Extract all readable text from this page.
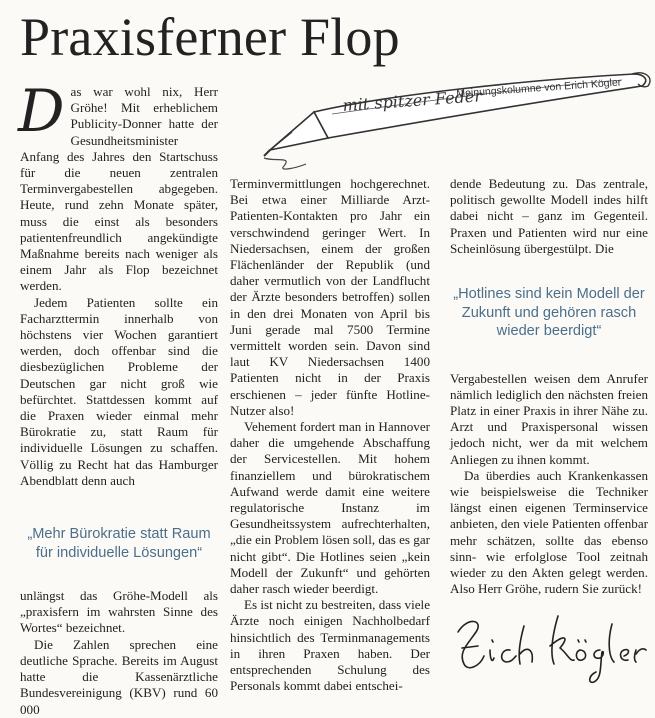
Praxisferner Flop
mit spitzer Feder
Meinungskolumne von Erich Kögler

Das war wohl nix, Herr Gröhe! Mit erheblichem Publicity-Donner hatte der Gesundheitsminister Anfang des Jahres den Startschuss für die neuen zentralen Terminvergabestellen abgegeben. Heute, rund zehn Monate später, muss die einst als besonders patientenfreundlich angekündigte Maßnahme bereits nach weniger als einem Jahr als Flop bezeichnet werden.

Jedem Patienten sollte ein Facharzttermin innerhalb von höchstens vier Wochen garantiert werden, doch offenbar sind die diesbezüglichen Probleme der Deutschen gar nicht groß wie befürchtet. Stattdessen kommt auf die Praxen wieder einmal mehr Bürokratie zu, statt Raum für individuelle Lösungen zu schaffen. Völlig zu Recht hat das Hamburger Abendblatt denn auch

„Mehr Bürokratie statt Raum für individuelle Lösungen“

unlängst das Gröhe-Modell als „praxisfern im wahrsten Sinne des Wortes“ bezeichnet.

Die Zahlen sprechen eine deutliche Sprache. Bereits im August hatte die Kassenärztliche Bundesvereinigung (KBV) rund 60 000

Terminvermittlungen hochgerechnet. Bei etwa einer Milliarde Arzt-Patienten-Kontakten pro Jahr ein verschwindend geringer Wert. In Niedersachsen, einem der großen Flächenländer der Republik (und daher vermutlich von der Landflucht der Ärzte besonders betroffen) sollen in den drei Monaten von April bis Juni gerade mal 7500 Termine vermittelt worden sein. Davon sind laut KV Niedersachsen 1400 Patienten nicht in der Praxis erschienen – jeder fünfte Hotline-Nutzer also!

Vehement fordert man in Hannover daher die umgehende Abschaffung der Servicestellen. Mit hohem finanziellem und bürokratischem Aufwand werde damit eine weitere regulatorische Instanz im Gesundheitssystem aufrechterhalten, „die ein Problem lösen soll, das es gar nicht gibt“. Die Hotlines seien „kein Modell der Zukunft“ und gehörten daher rasch wieder beerdigt.

Es ist nicht zu bestreiten, dass viele Ärzte noch einigen Nachholbedarf hinsichtlich des Terminmanagements in ihren Praxen haben. Der entsprechenden Schulung des Personals kommt dabei entschei-

dende Bedeutung zu. Das zentrale, politisch gewollte Modell indes hilft dabei nicht – ganz im Gegenteil. Praxen und Patienten wird nur eine Scheinlösung übergestülpt. Die

„Hotlines sind kein Modell der Zukunft und gehören rasch wieder beerdigt“

Vergabestellen weisen dem Anrufer nämlich lediglich den nächsten freien Platz in einer Praxis in ihrer Nähe zu. Arzt und Praxispersonal wissen jedoch nicht, wer da mit welchem Anliegen zu ihnen kommt.

Da überdies auch Krankenkassen wie beispielsweise die Techniker längst einen eigenen Terminservice anbieten, den viele Patienten offenbar mehr schätzen, sollte das ebenso sinn- wie erfolglose Tool zeitnah wieder zu den Akten gelegt werden. Also Herr Gröhe, rudern Sie zurück!
